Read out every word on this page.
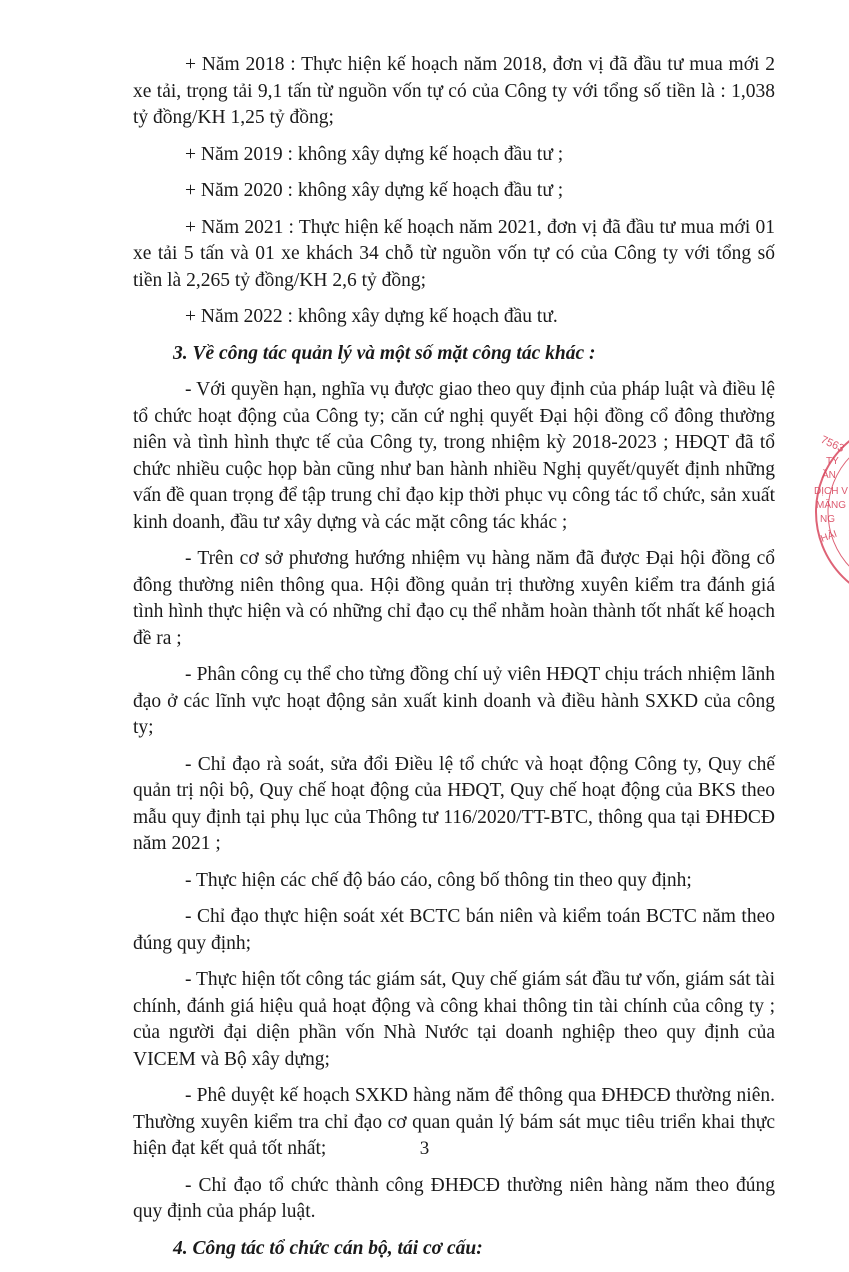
+ Năm 2018 : Thực hiện kế hoạch năm 2018, đơn vị đã đầu tư mua mới 2 xe tải, trọng tải 9,1 tấn từ nguồn vốn tự có của Công ty với tổng số tiền là : 1,038 tỷ đồng/KH 1,25 tỷ đồng;

+ Năm 2019 : không xây dựng kế hoạch đầu tư ;

+ Năm 2020 : không xây dựng kế hoạch đầu tư ;

+ Năm 2021 : Thực hiện kế hoạch năm 2021, đơn vị đã đầu tư mua mới 01 xe tải 5 tấn và 01 xe khách 34 chỗ từ nguồn vốn tự có của Công ty với tổng số tiền là 2,265 tỷ đồng/KH 2,6 tỷ đồng;

+ Năm 2022 : không xây dựng kế hoạch đầu tư.

3. Về công tác quản lý và một số mặt công tác khác :

- Với quyền hạn, nghĩa vụ được giao theo quy định của pháp luật và điều lệ tổ chức hoạt động của Công ty; căn cứ nghị quyết Đại hội đồng cổ đông thường niên và tình hình thực tế của Công ty, trong nhiệm kỳ 2018-2023 ; HĐQT đã tổ chức nhiều cuộc họp bàn cũng như ban hành nhiều Nghị quyết/quyết định những vấn đề quan trọng để tập trung chỉ đạo kịp thời phục vụ công tác tổ chức, sản xuất kinh doanh, đầu tư xây dựng và các mặt công tác khác ;

- Trên cơ sở phương hướng nhiệm vụ hàng năm đã được Đại hội đồng cổ đông thường niên thông qua. Hội đồng quản trị thường xuyên kiểm tra đánh giá tình hình thực hiện và có những chỉ đạo cụ thể nhằm hoàn thành tốt nhất kế hoạch đề ra ;

- Phân công cụ thể cho từng đồng chí uỷ viên HĐQT chịu trách nhiệm lãnh đạo ở các lĩnh vực hoạt động sản xuất kinh doanh và điều hành SXKD của công ty;

- Chỉ đạo rà soát, sửa đổi Điều lệ tổ chức và hoạt động Công ty, Quy chế quản trị nội bộ, Quy chế hoạt động của HĐQT, Quy chế hoạt động của BKS theo mẫu quy định tại phụ lục của Thông tư 116/2020/TT-BTC, thông qua tại ĐHĐCĐ năm 2021 ;

- Thực hiện các chế độ báo cáo, công bố thông tin theo quy định;

- Chỉ đạo thực hiện soát xét BCTC bán niên và kiểm toán BCTC năm theo đúng quy định;

- Thực hiện tốt công tác giám sát, Quy chế giám sát đầu tư vốn, giám sát tài chính, đánh giá hiệu quả hoạt động và công khai thông tin tài chính của công ty ; của người đại diện phần vốn Nhà Nước tại doanh nghiệp theo quy định của VICEM và Bộ xây dựng;

- Phê duyệt kế hoạch SXKD hàng năm để thông qua ĐHĐCĐ thường niên. Thường xuyên kiểm tra chỉ đạo cơ quan quản lý bám sát mục tiêu triển khai thực hiện đạt kết quả tốt nhất;

- Chỉ đạo tổ chức thành công ĐHĐCĐ thường niên hàng năm theo đúng quy định của pháp luật.

4. Công tác tổ chức cán bộ, tái cơ cấu:

3
7563
TY
ẦN
DỊCH V
MĂNG
NG
HẢI
